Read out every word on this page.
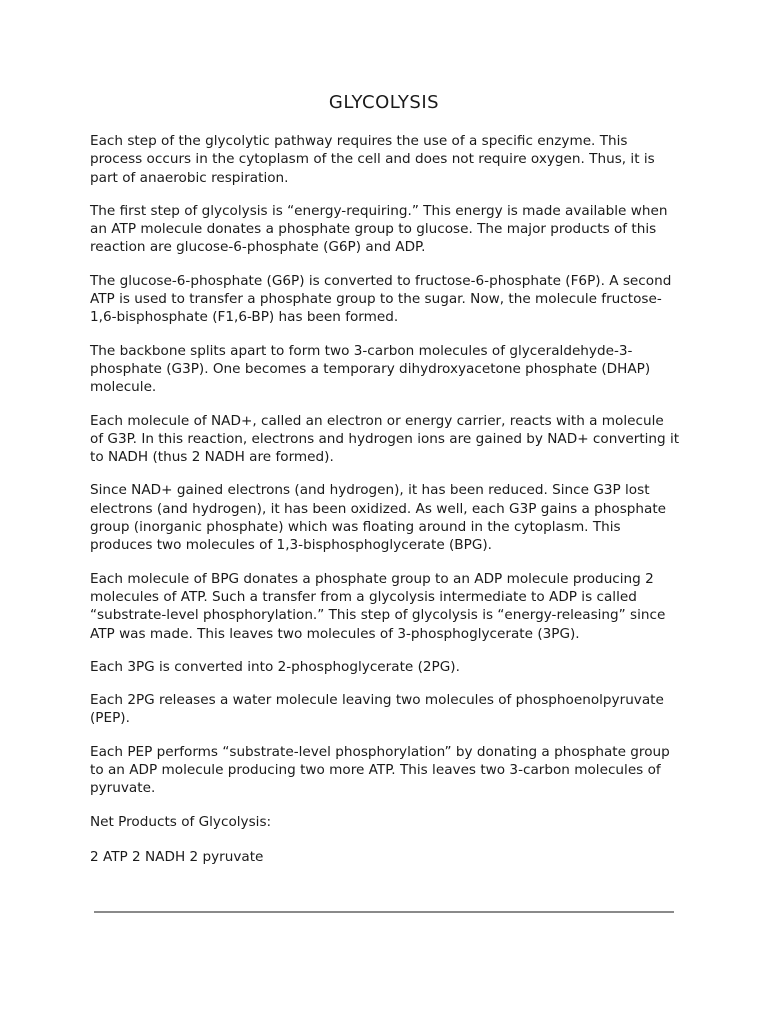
GLYCOLYSIS

Each step of the glycolytic pathway requires the use of a specific enzyme. This process occurs in the cytoplasm of the cell and does not require oxygen. Thus, it is part of anaerobic respiration.

The first step of glycolysis is “energy-requiring.” This energy is made available when an ATP molecule donates a phosphate group to glucose. The major products of this reaction are glucose-6-phosphate (G6P) and ADP.

The glucose-6-phosphate (G6P) is converted to fructose-6-phosphate (F6P). A second ATP is used to transfer a phosphate group to the sugar. Now, the molecule fructose-1,6-bisphosphate (F1,6-BP) has been formed.

The backbone splits apart to form two 3-carbon molecules of glyceraldehyde-3-phosphate (G3P). One becomes a temporary dihydroxyacetone phosphate (DHAP) molecule.

Each molecule of NAD+, called an electron or energy carrier, reacts with a molecule of G3P. In this reaction, electrons and hydrogen ions are gained by NAD+ converting it to NADH (thus 2 NADH are formed).

Since NAD+ gained electrons (and hydrogen), it has been reduced. Since G3P lost electrons (and hydrogen), it has been oxidized. As well, each G3P gains a phosphate group (inorganic phosphate) which was floating around in the cytoplasm. This produces two molecules of 1,3-bisphosphoglycerate (BPG).

Each molecule of BPG donates a phosphate group to an ADP molecule producing 2 molecules of ATP. Such a transfer from a glycolysis intermediate to ADP is called “substrate-level phosphorylation.” This step of glycolysis is “energy-releasing” since ATP was made. This leaves two molecules of 3-phosphoglycerate (3PG).

Each 3PG is converted into 2-phosphoglycerate (2PG).

Each 2PG releases a water molecule leaving two molecules of phosphoenolpyruvate (PEP).

Each PEP performs “substrate-level phosphorylation” by donating a phosphate group to an ADP molecule producing two more ATP. This leaves two 3-carbon molecules of pyruvate.

Net Products of Glycolysis:

2 ATP 2 NADH 2 pyruvate
